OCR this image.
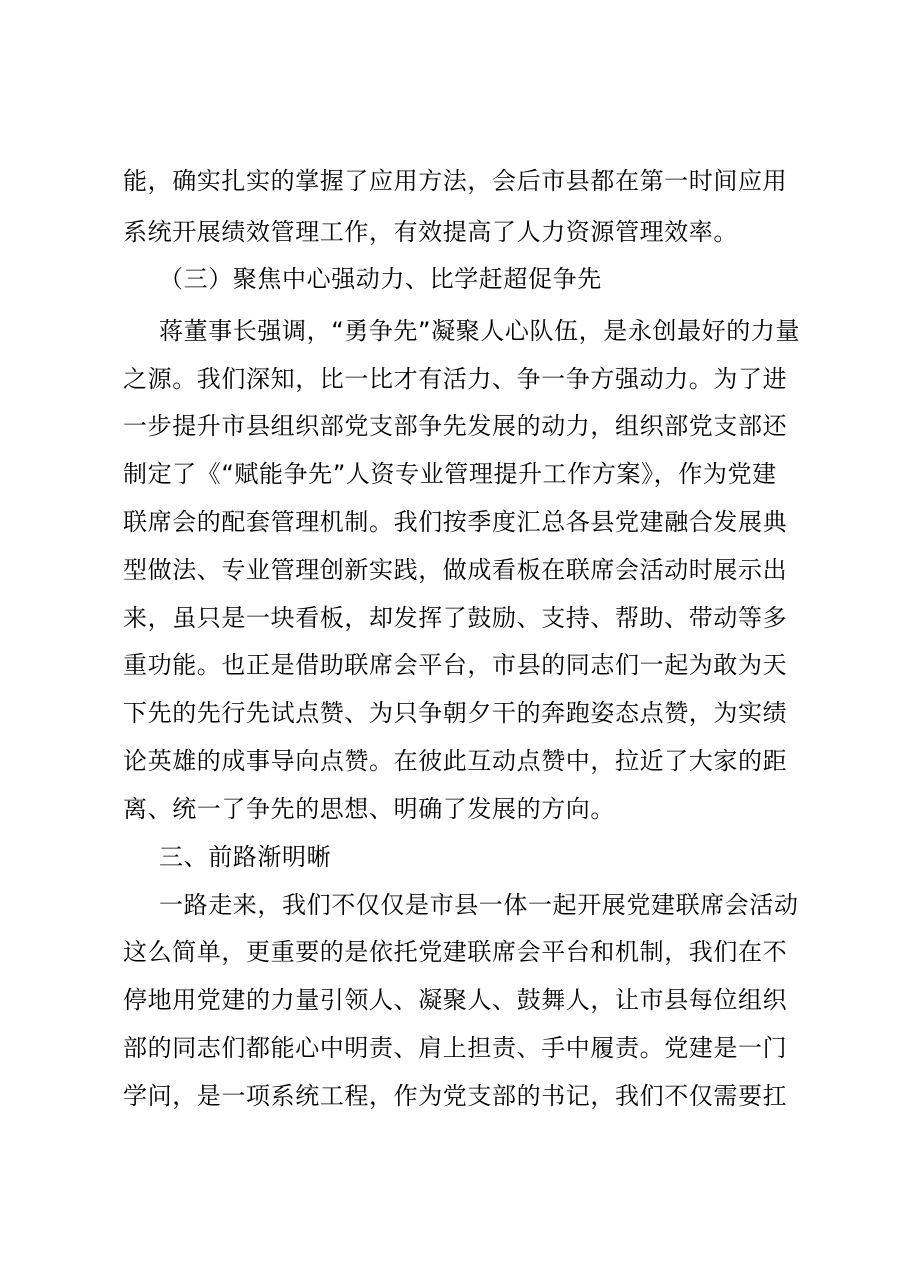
能，确实扎实的掌握了应用方法，会后市县都在第一时间应用
系统开展绩效管理工作，有效提高了人力资源管理效率。
（三）聚焦中心强动力、比学赶超促争先
蒋董事长强调，“勇争先”凝聚人心队伍，是永创最好的力量
之源。我们深知，比一比才有活力、争一争方强动力。为了进
一步提升市县组织部党支部争先发展的动力，组织部党支部还
制定了《“赋能争先”人资专业管理提升工作方案》，作为党建
联席会的配套管理机制。我们按季度汇总各县党建融合发展典
型做法、专业管理创新实践，做成看板在联席会活动时展示出
来，虽只是一块看板，却发挥了鼓励、支持、帮助、带动等多
重功能。也正是借助联席会平台，市县的同志们一起为敢为天
下先的先行先试点赞、为只争朝夕干的奔跑姿态点赞，为实绩
论英雄的成事导向点赞。在彼此互动点赞中，拉近了大家的距
离、统一了争先的思想、明确了发展的方向。
三、前路渐明晰
一路走来，我们不仅仅是市县一体一起开展党建联席会活动
这么简单，更重要的是依托党建联席会平台和机制，我们在不
停地用党建的力量引领人、凝聚人、鼓舞人，让市县每位组织
部的同志们都能心中明责、肩上担责、手中履责。党建是一门
学问，是一项系统工程，作为党支部的书记，我们不仅需要扛
